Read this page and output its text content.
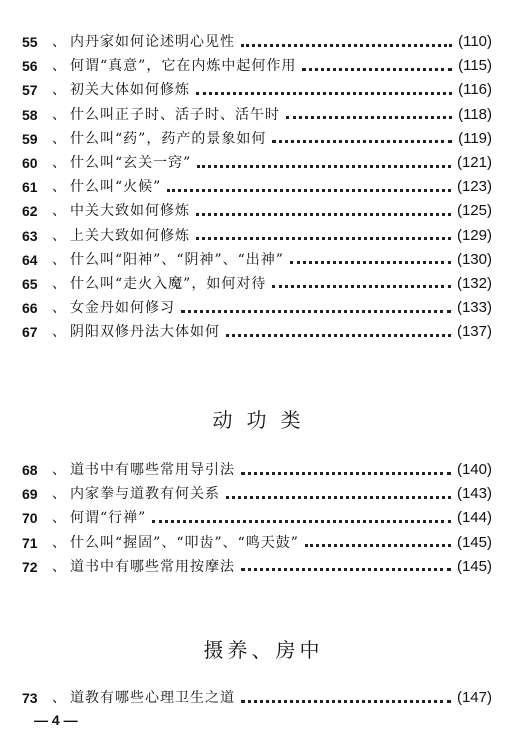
55	、 内丹家如何论述明心见性	(110)
56	、 何谓“真意”，它在内炼中起何作用	(115)
57	、 初关大体如何修炼	(116)
58	、 什么叫正子时、活子时、活午时	(118)
59	、 什么叫“药”，药产的景象如何	(119)
60	、 什么叫“玄关一窍”	(121)
61	、 什么叫“火候”	(123)
62	、 中关大致如何修炼	(125)
63	、 上关大致如何修炼	(129)
64	、 什么叫“阳神”、“阴神”、“出神”	(130)
65	、 什么叫“走火入魔”，如何对待	(132)
66	、 女金丹如何修习	(133)
67	、 阴阳双修丹法大体如何	(137)
动功类
68	、 道书中有哪些常用导引法	(140)
69	、 内家拳与道教有何关系	(143)
70	、 何谓“行禅”	(144)
71	、 什么叫“握固”、“叩齿”、“鸣天鼓”	(145)
72	、 道书中有哪些常用按摩法	(145)
摄养、房中
73	、 道教有哪些心理卫生之道	(147)
— 4 —
